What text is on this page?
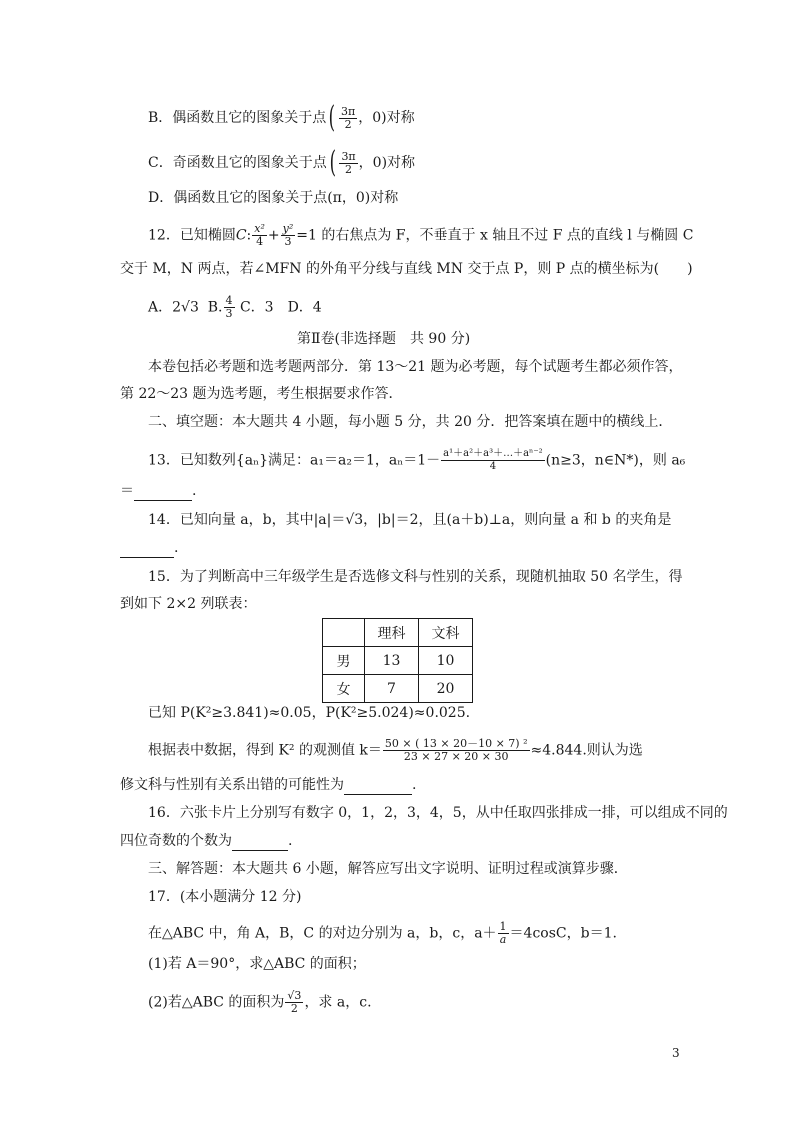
B．偶函数且它的图象关于点( $\frac{3\pi}{2}$ ，0)对称
C．奇函数且它的图象关于点( $\frac{3\pi}{2}$ ，0)对称
D．偶函数且它的图象关于点(π，0)对称
12．已知椭圆C: $\frac{\text{x²}}{4} + \frac{\text{y²}}{3} =1$ 的右焦点为 F，不垂直于 x 轴且不过 F 点的直线 l 与椭圆 C
交于 M，N 两点，若∠MFN 的外角平分线与直线 MN 交于点 P，则 P 点的横坐标为(　　)
A．2√3 B. $\frac{4}{3}$ C．3　D．4
第Ⅱ卷(非选择题　共 90 分)
本卷包括必考题和选考题两部分．第 13～21 题为必考题，每个试题考生都必须作答，
第 22～23 题为选考题，考生根据要求作答．
二、填空题：本大题共 4 小题，每小题 5 分，共 20 分．把答案填在题中的横线上．
13．已知数列{aₙ}满足：a₁＝a₂＝1，$a_n=1- \frac{\text{a¹＋a²＋a³＋…＋aⁿ⁻²}}{4} (n\ge 3$，n∈N*)，则 a₆
＝	.
14．已知向量 a，b，其中|a|＝√3，|b|＝2，且(a＋b)⊥a，则向量 a 和 b 的夹角是
.
15．为了判断高中三年级学生是否选修文科与性别的关系，现随机抽取 50 名学生，得
到如下 2×2 列联表：
	理科	文科
男	13	10
女	7	20
已知 P(K²≥3.841)≈0.05，P(K²≥5.024)≈0.025.
根据表中数据，得到 K² 的观测值 $k= \frac{\text{50 × ( 13 × 20－10 × 7) ²}}{23 \times 27 \times 20 \times 30} \approx 4.844$.则认为选
修文科与性别有关系出错的可能性为	.
16．六张卡片上分别写有数字 0，1，2，3，4，5，从中任取四张排成一排，可以组成不同的
四位奇数的个数为	.
三、解答题：本大题共 6 小题，解答应写出文字说明、证明过程或演算步骤．
17．(本小题满分 12 分)
在△ABC 中，角 A，B，C 的对边分别为 a，b，c，$a+ \frac{1}{a} =4\cos C$，b＝1.
(1)若 A＝90°，求△ABC 的面积；
(2)若△ABC 的面积为 $\frac{√3}{2}$ ，求 a，c.
3
